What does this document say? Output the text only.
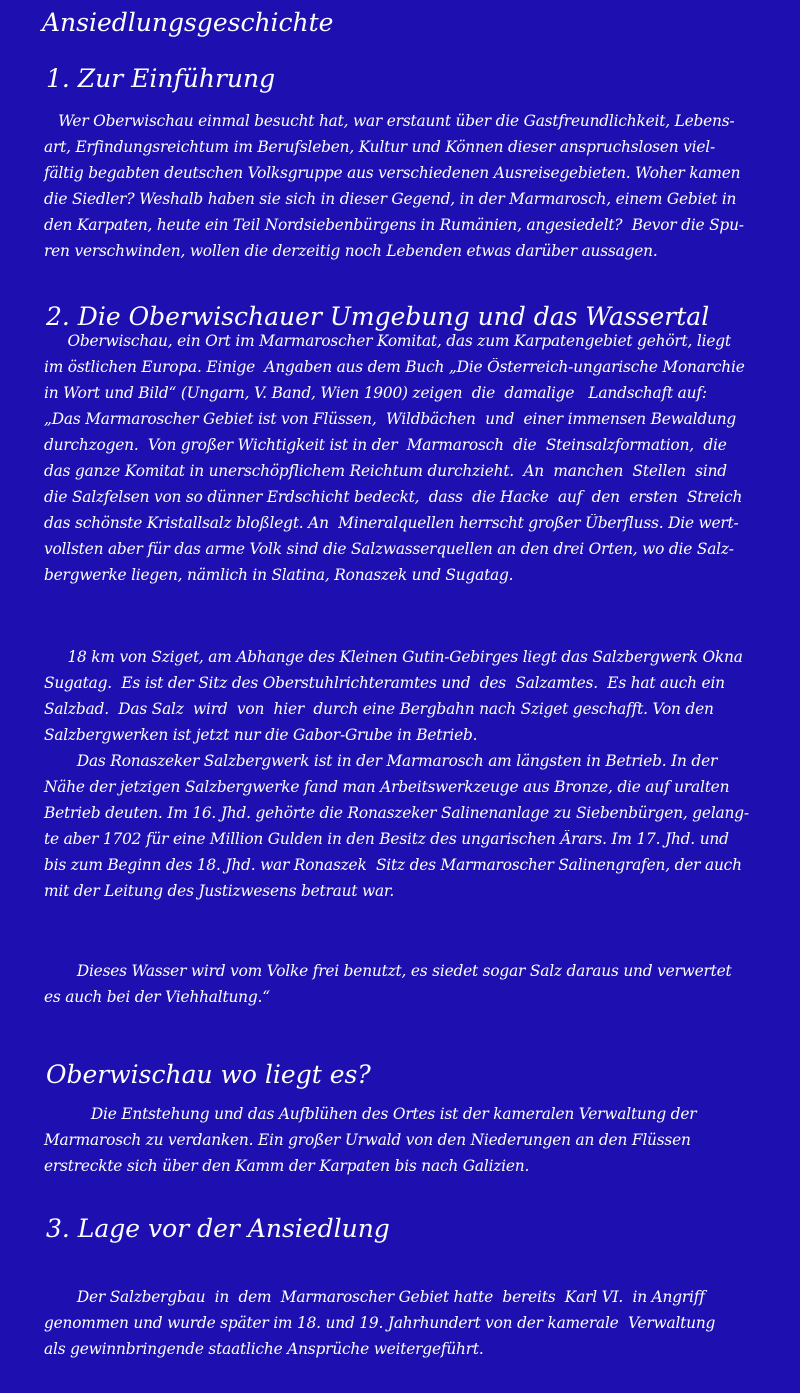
Ansiedlungsgeschichte
1. Zur Einführung
Wer Oberwischau einmal besucht hat, war erstaunt über die Gastfreundlichkeit, Lebens-
art, Erfindungsreichtum im Berufsleben, Kultur und Können dieser anspruchslosen viel-
fältig begabten deutschen Volksgruppe aus verschiedenen Ausreisegebieten. Woher kamen
die Siedler? Weshalb haben sie sich in dieser Gegend, in der Marmarosch, einem Gebiet in
den Karpaten, heute ein Teil Nordsiebenbürgens in Rumänien, angesiedelt?  Bevor die Spu-
ren verschwinden, wollen die derzeitig noch Lebenden etwas darüber aussagen.
2. Die Oberwischauer Umgebung und das Wassertal
Oberwischau, ein Ort im Marmaroscher Komitat, das zum Karpatengebiet gehört, liegt
im östlichen Europa. Einige  Angaben aus dem Buch „Die Österreich-ungarische Monarchie
in Wort und Bild“ (Ungarn, V. Band, Wien 1900) zeigen  die  damalige   Landschaft auf:
„Das Marmaroscher Gebiet ist von Flüssen,  Wildbächen  und  einer immensen Bewaldung
durchzogen.  Von großer Wichtigkeit ist in der  Marmarosch  die  Steinsalzformation,  die
das ganze Komitat in unerschöpflichem Reichtum durchzieht.  An  manchen  Stellen  sind
die Salzfelsen von so dünner Erdschicht bedeckt,  dass  die Hacke  auf  den  ersten  Streich
das schönste Kristallsalz bloßlegt. An  Mineralquellen herrscht großer Überfluss. Die wert-
vollsten aber für das arme Volk sind die Salzwasserquellen an den drei Orten, wo die Salz-
bergwerke liegen, nämlich in Slatina, Ronaszek und Sugatag.
18 km von Sziget, am Abhange des Kleinen Gutin-Gebirges liegt das Salzbergwerk Okna
Sugatag.  Es ist der Sitz des Oberstuhlrichteramtes und  des  Salzamtes.  Es hat auch ein
Salzbad.  Das Salz  wird  von  hier  durch eine Bergbahn nach Sziget geschafft. Von den
Salzbergwerken ist jetzt nur die Gabor-Grube in Betrieb.
Das Ronaszeker Salzbergwerk ist in der Marmarosch am längsten in Betrieb. In der
Nähe der jetzigen Salzbergwerke fand man Arbeitswerkzeuge aus Bronze, die auf uralten
Betrieb deuten. Im 16. Jhd. gehörte die Ronaszeker Salinenanlage zu Siebenbürgen, gelang-
te aber 1702 für eine Million Gulden in den Besitz des ungarischen Ärars. Im 17. Jhd. und
bis zum Beginn des 18. Jhd. war Ronaszek  Sitz des Marmaroscher Salinengrafen, der auch
mit der Leitung des Justizwesens betraut war.
Dieses Wasser wird vom Volke frei benutzt, es siedet sogar Salz daraus und verwertet
es auch bei der Viehhaltung.“
Oberwischau wo liegt es?
Die Entstehung und das Aufblühen des Ortes ist der kameralen Verwaltung der
Marmarosch zu verdanken. Ein großer Urwald von den Niederungen an den Flüssen
erstreckte sich über den Kamm der Karpaten bis nach Galizien.
3. Lage vor der Ansiedlung
Der Salzbergbau  in  dem  Marmaroscher Gebiet hatte  bereits  Karl VI.  in Angriff
genommen und wurde später im 18. und 19. Jahrhundert von der kamerale  Verwaltung
als gewinnbringende staatliche Ansprüche weitergeführt.
